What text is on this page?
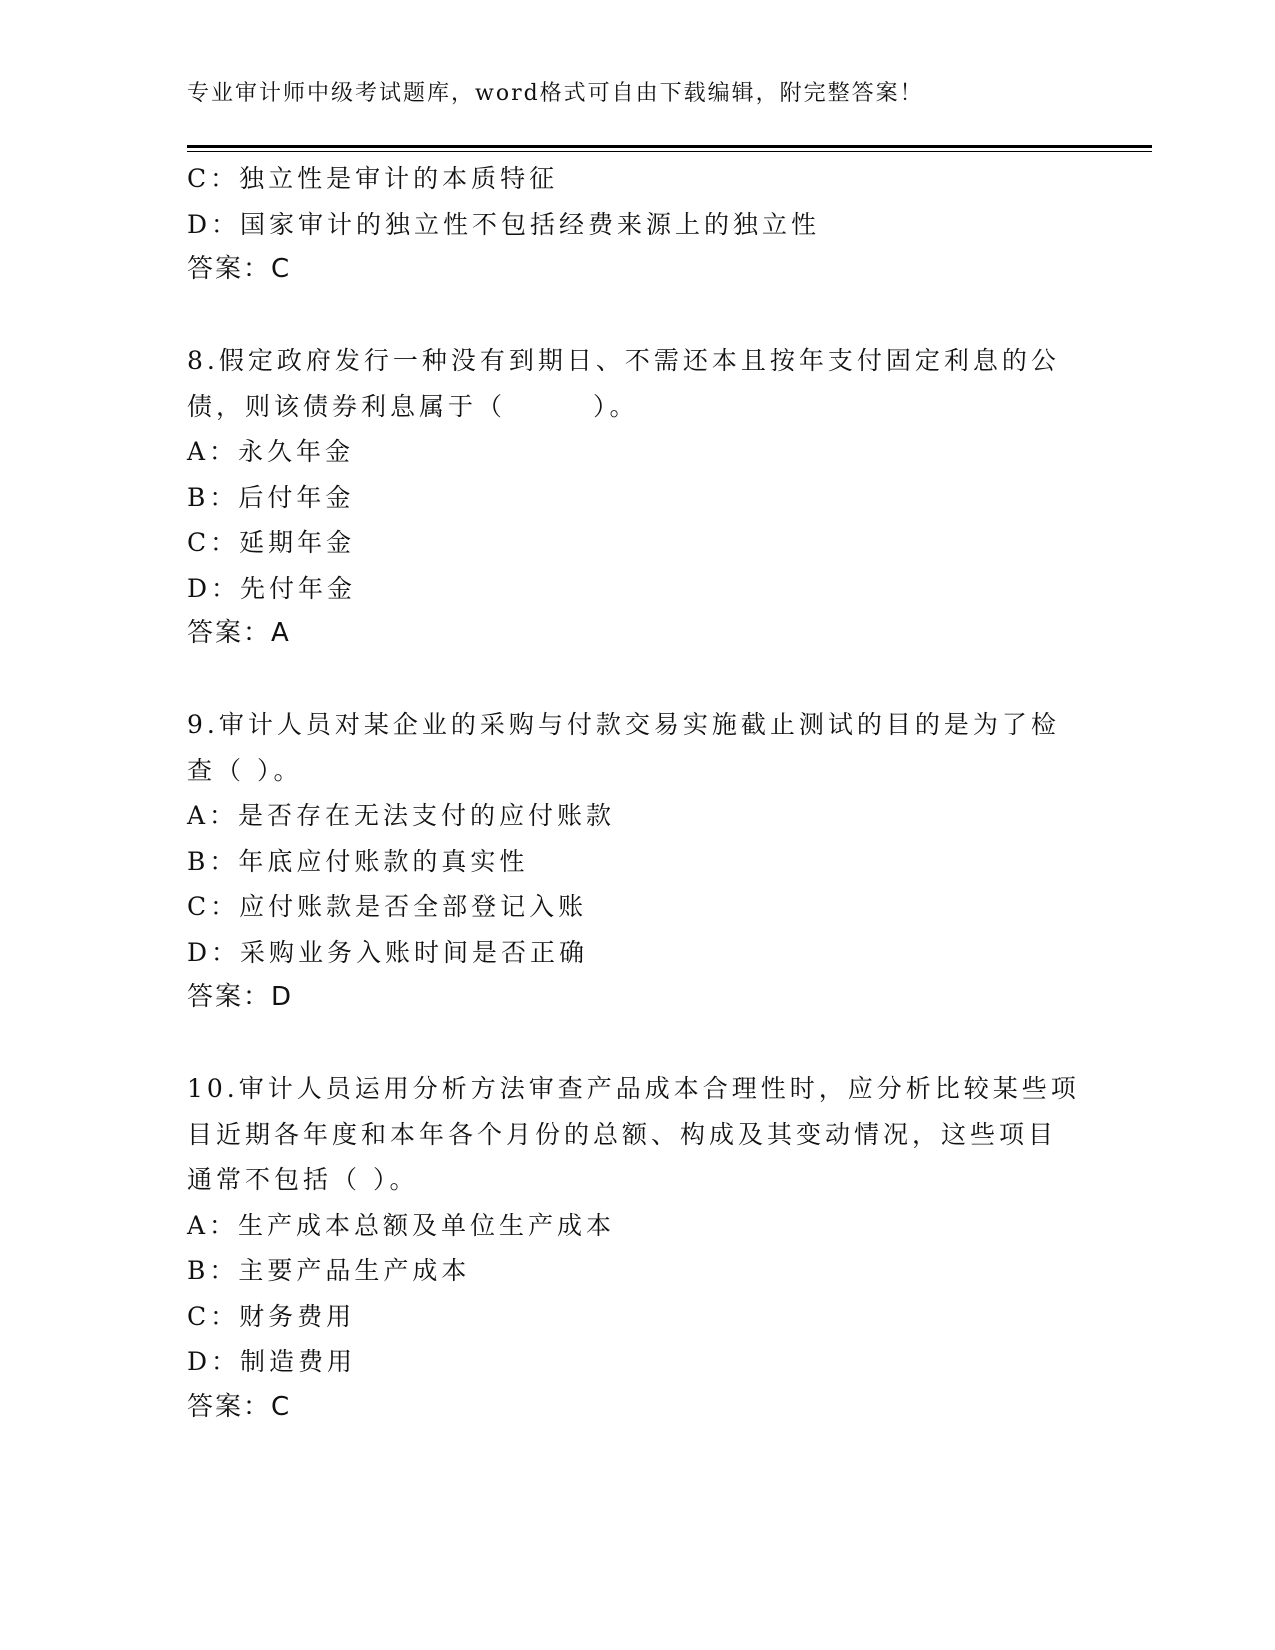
专业审计师中级考试题库，word格式可自由下载编辑，附完整答案！
C：独立性是审计的本质特征
D：国家审计的独立性不包括经费来源上的独立性
答案：C
8.假定政府发行一种没有到期日、不需还本且按年支付固定利息的公
债，则该债券利息属于（　　　）。
A：永久年金
B：后付年金
C：延期年金
D：先付年金
答案：A
9.审计人员对某企业的采购与付款交易实施截止测试的目的是为了检
查（ ）。
A：是否存在无法支付的应付账款
B：年底应付账款的真实性
C：应付账款是否全部登记入账
D：采购业务入账时间是否正确
答案：D
10.审计人员运用分析方法审查产品成本合理性时，应分析比较某些项
目近期各年度和本年各个月份的总额、构成及其变动情况，这些项目
通常不包括（ ）。
A：生产成本总额及单位生产成本
B：主要产品生产成本
C：财务费用
D：制造费用
答案：C
